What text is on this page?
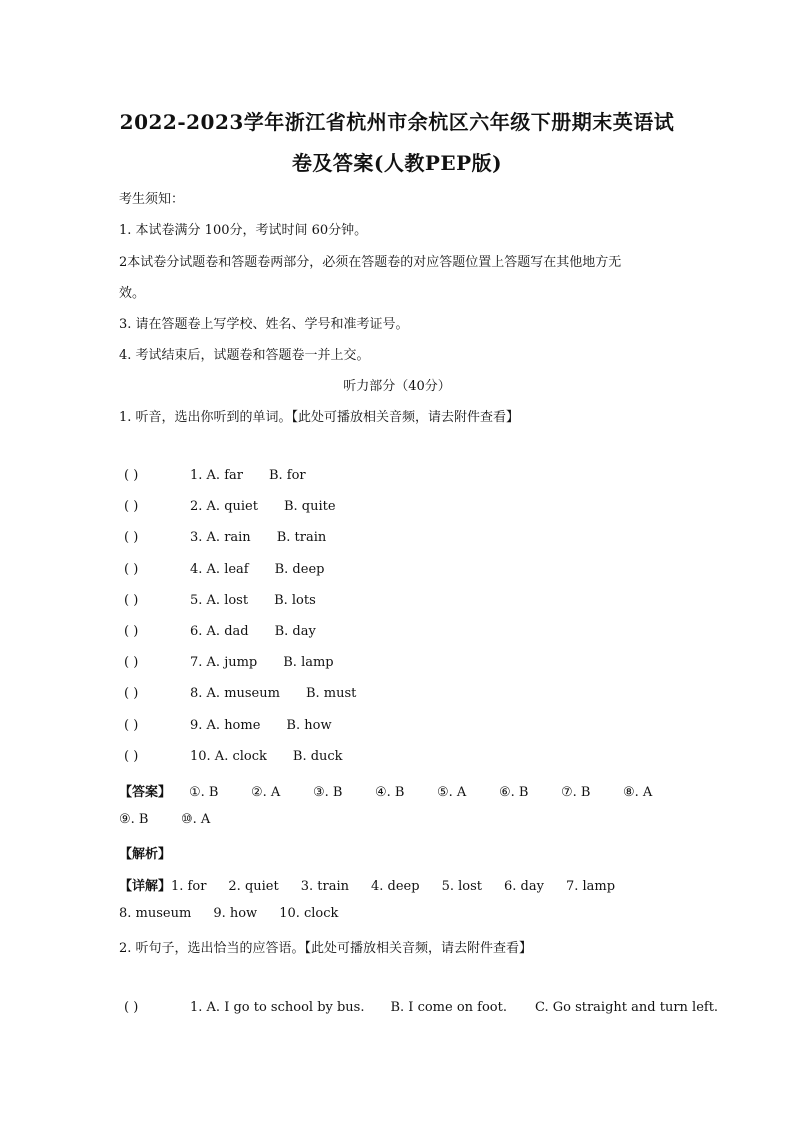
2022-2023学年浙江省杭州市余杭区六年级下册期末英语试
卷及答案(人教PEP版)
考生须知：
1. 本试卷满分 100分，考试时间 60分钟。
2本试卷分试题卷和答题卷两部分，必须在答题卷的对应答题位置上答题写在其他地方无
效。
3. 请在答题卷上写学校、姓名、学号和准考证号。
4. 考试结束后，试题卷和答题卷一并上交。
听力部分（40分）
1. 听音，选出你听到的单词。【此处可播放相关音频，请去附件查看】
( )	1. A. far B. for
( )	2. A. quiet B. quite
( )	3. A. rain B. train
( )	4. A. leaf B. deep
( )	5. A. lost B. lots
( )	6. A. dad B. day
( )	7. A. jump B. lamp
( )	8. A. museum B. must
( )	9. A. home B. how
( )	10. A. clock B. duck
【答案】 ①. B	②. A	③. B	④. B	⑤. A	⑥. B	⑦. B	⑧. A
⑨. B	⑩. A
【解析】
【详解】1. for 2. quiet 3. train 4. deep 5. lost 6. day 7. lamp
8. museum 9. how 10. clock
2. 听句子，选出恰当的应答语。【此处可播放相关音频，请去附件查看】
( )	1. A. I go to school by bus. B. I come on foot. C. Go straight and turn left.
